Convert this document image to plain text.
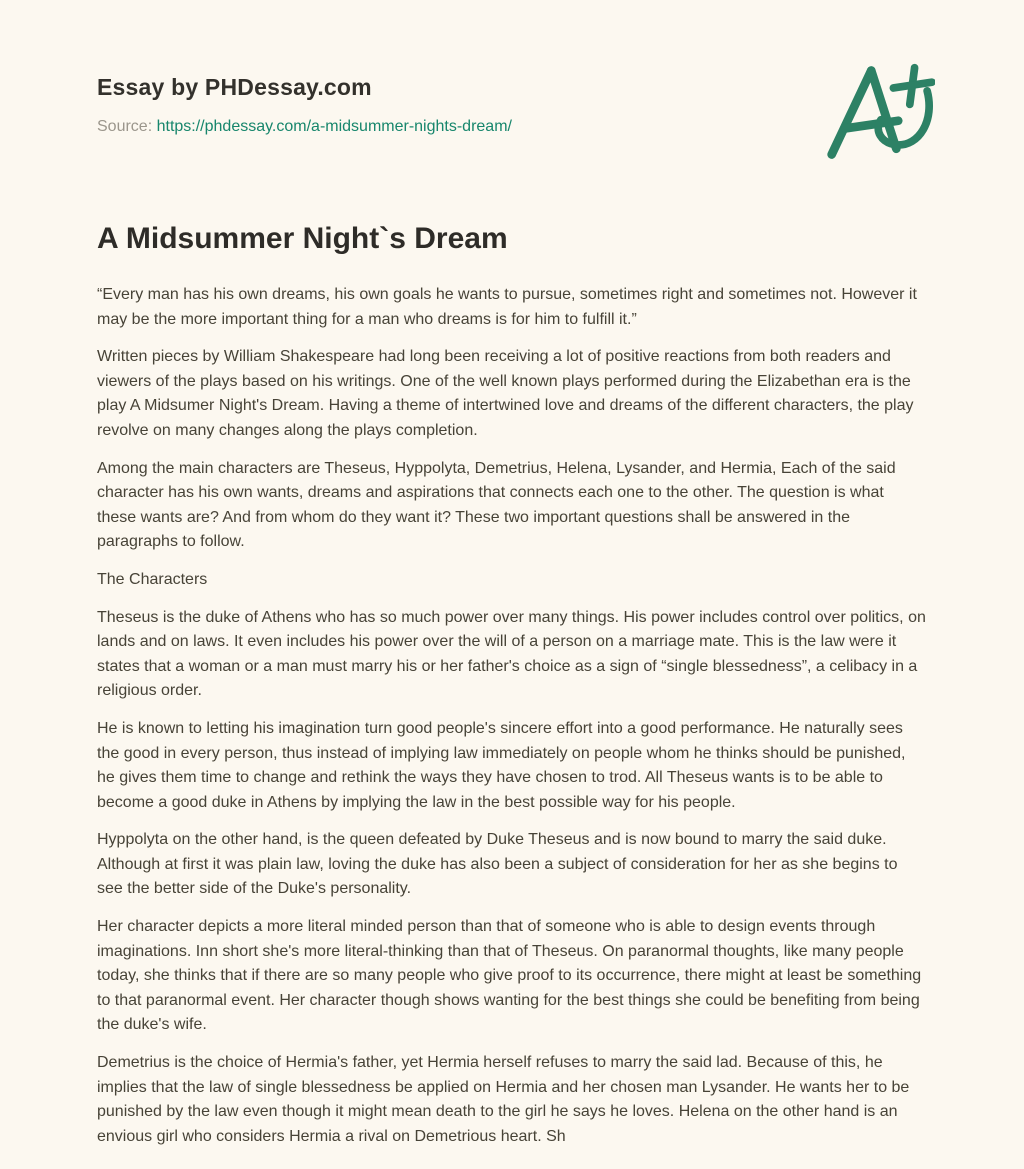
Essay by PHDessay.com
Source: https://phdessay.com/a-midsummer-nights-dream/
A Midsummer Night`s Dream

“Every man has his own dreams, his own goals he wants to pursue, sometimes right and sometimes not. However it may be the more important thing for a man who dreams is for him to fulfill it.”

Written pieces by William Shakespeare had long been receiving a lot of positive reactions from both readers and viewers of the plays based on his writings. One of the well known plays performed during the Elizabethan era is the play A Midsumer Night's Dream. Having a theme of intertwined love and dreams of the different characters, the play revolve on many changes along the plays completion.

Among the main characters are Theseus, Hyppolyta, Demetrius, Helena, Lysander, and Hermia, Each of the said character has his own wants, dreams and aspirations that connects each one to the other. The question is what these wants are? And from whom do they want it? These two important questions shall be answered in the paragraphs to follow.

The Characters

Theseus is the duke of Athens who has so much power over many things. His power includes control over politics, on lands and on laws. It even includes his power over the will of a person on a marriage mate. This is the law were it states that a woman or a man must marry his or her father's choice as a sign of “single blessedness”, a celibacy in a religious order.

He is known to letting his imagination turn good people's sincere effort into a good performance. He naturally sees the good in every person, thus instead of implying law immediately on people whom he thinks should be punished, he gives them time to change and rethink the ways they have chosen to trod. All Theseus wants is to be able to become a good duke in Athens by implying the law in the best possible way for his people.

Hyppolyta on the other hand, is the queen defeated by Duke Theseus and is now bound to marry the said duke. Although at first it was plain law, loving the duke has also been a subject of consideration for her as she begins to see the better side of the Duke's personality.

Her character depicts a more literal minded person than that of someone who is able to design events through imaginations. Inn short she's more literal-thinking than that of Theseus. On paranormal thoughts, like many people today, she thinks that if there are so many people who give proof to its occurrence, there might at least be something to that paranormal event. Her character though shows wanting for the best things she could be benefiting from being the duke's wife.

Demetrius is the choice of Hermia's father, yet Hermia herself refuses to marry the said lad. Because of this, he implies that the law of single blessedness be applied on Hermia and her chosen man Lysander. He wants her to be punished by the law even though it might mean death to the girl he says he loves. Helena on the other hand is an envious girl who considers Hermia a rival on Demetrious heart. Sh
